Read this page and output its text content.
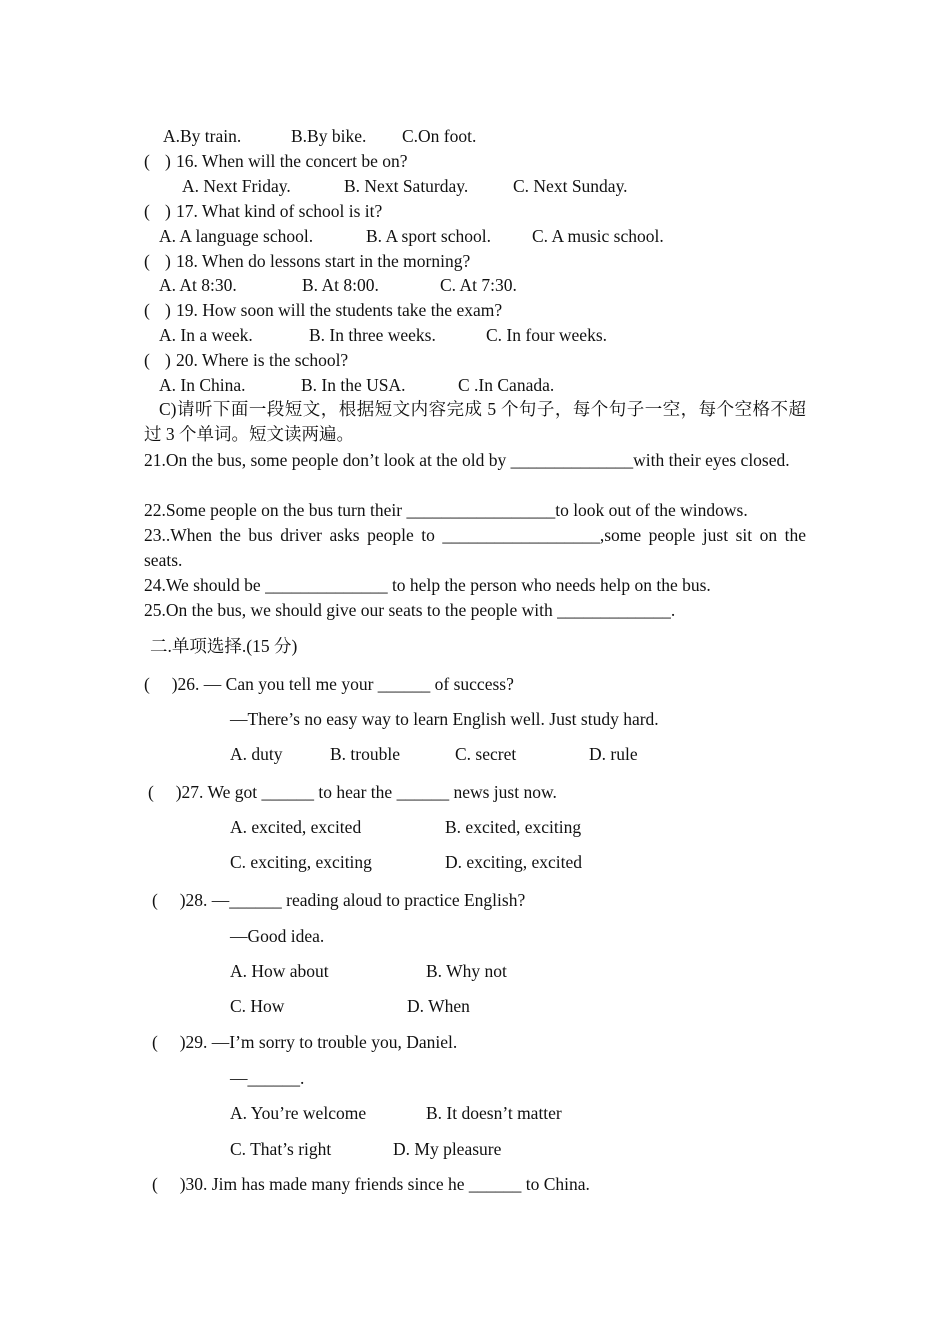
A.By train.	B.By bike. C.On foot.
( ) 16. When will the concert be on?
A. Next Friday.	B. Next Saturday.	C. Next Sunday.
( ) 17. What kind of school is it?
A. A language school.	B. A sport school. C. A music school.
( ) 18. When do lessons start in the morning?
A. At 8:30.	B. At 8:00.	C. At 7:30.
( ) 19. How soon will the students take the exam?
A. In a week.	B. In three weeks.	C. In four weeks.
( ) 20. Where is the school?
A. In China.	B. In the USA.	C .In Canada.
C)请听下面一段短文，根据短文内容完成 5 个句子，每个句子一空，每个空格不超过 3 个单词。短文读两遍。
21.On the bus, some people don’t look at the old by ______________with their eyes closed.
22.Some people on the bus turn their _________________to look out of the windows.
23..When the bus driver asks people to __________________,some people just sit on the seats.
24.We should be ______________ to help the person who needs help on the bus.
25.On the bus, we should give our seats to the people with _____________.
二.单项选择.(15 分)
(     )26. — Can you tell me your ______ of success?
—There’s no easy way to learn English well. Just study hard.
A. duty	B. trouble	C. secret	D. rule
(     )27. We got ______ to hear the ______ news just now.
A. excited, excited	B. excited, exciting
C. exciting, exciting	D. exciting, excited
(     )28. —______ reading aloud to practice English?
—Good idea.
A. How about	B. Why not
C. How	D. When
(     )29. —I’m sorry to trouble you, Daniel.
—______.
A. You’re welcome	B. It doesn’t matter
C. That’s right	D. My pleasure
(     )30. Jim has made many friends since he ______ to China.
